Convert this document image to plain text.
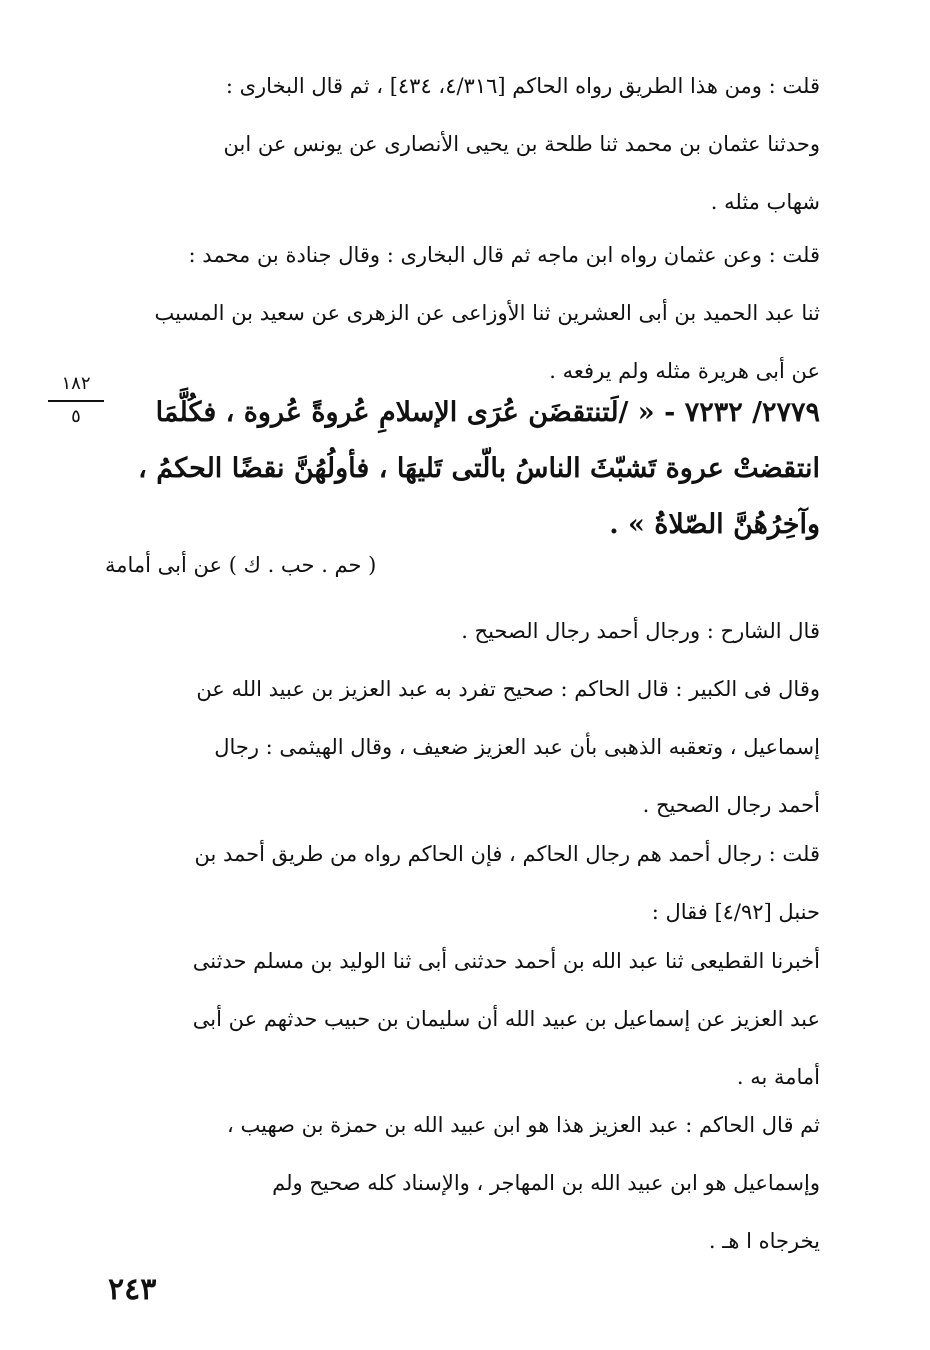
قلت : ومن هذا الطريق رواه الحاكم [٤/٣١٦، ٤٣٤] ، ثم قال البخارى :
وحدثنا عثمان بن محمد ثنا طلحة بن يحيى الأنصارى عن يونس عن ابن
شهاب مثله .
قلت : وعن عثمان رواه ابن ماجه ثم قال البخارى : وقال جنادة بن محمد :
ثنا عبد الحميد بن أبى العشرين ثنا الأوزاعى عن الزهرى عن سعيد بن المسيب
عن أبى هريرة مثله ولم يرفعه .
١٨٢
٥	٢٧٧٩/ ٧٢٣٢ - « /لَتنتقضَن عُرَى الإسلامِ عُروةً عُروة ، فكُلَّمَا
انتقضتْ عروة تَشبّثَ الناسُ بالّتى تَليهَا ، فأولُهُنَّ نقضًا الحكمُ ،
وآخِرُهُنَّ الصّلاةُ » .
( حم . حب . ك ) عن أبى أمامة
قال الشارح : ورجال أحمد رجال الصحيح .
وقال فى الكبير : قال الحاكم : صحيح تفرد به عبد العزيز بن عبيد الله عن
إسماعيل ، وتعقبه الذهبى بأن عبد العزيز ضعيف ، وقال الهيثمى : رجال
أحمد رجال الصحيح .
قلت : رجال أحمد هم رجال الحاكم ، فإن الحاكم رواه من طريق أحمد بن
حنبل [٤/٩٢] فقال :
أخبرنا القطيعى ثنا عبد الله بن أحمد حدثنى أبى ثنا الوليد بن مسلم حدثنى
عبد العزيز عن إسماعيل بن عبيد الله أن سليمان بن حبيب حدثهم عن أبى
أمامة به .
ثم قال الحاكم : عبد العزيز هذا هو ابن عبيد الله بن حمزة بن صهيب ،
وإسماعيل هو ابن عبيد الله بن المهاجر ، والإسناد كله صحيح ولم
يخرجاه ا هـ .
٢٤٣
